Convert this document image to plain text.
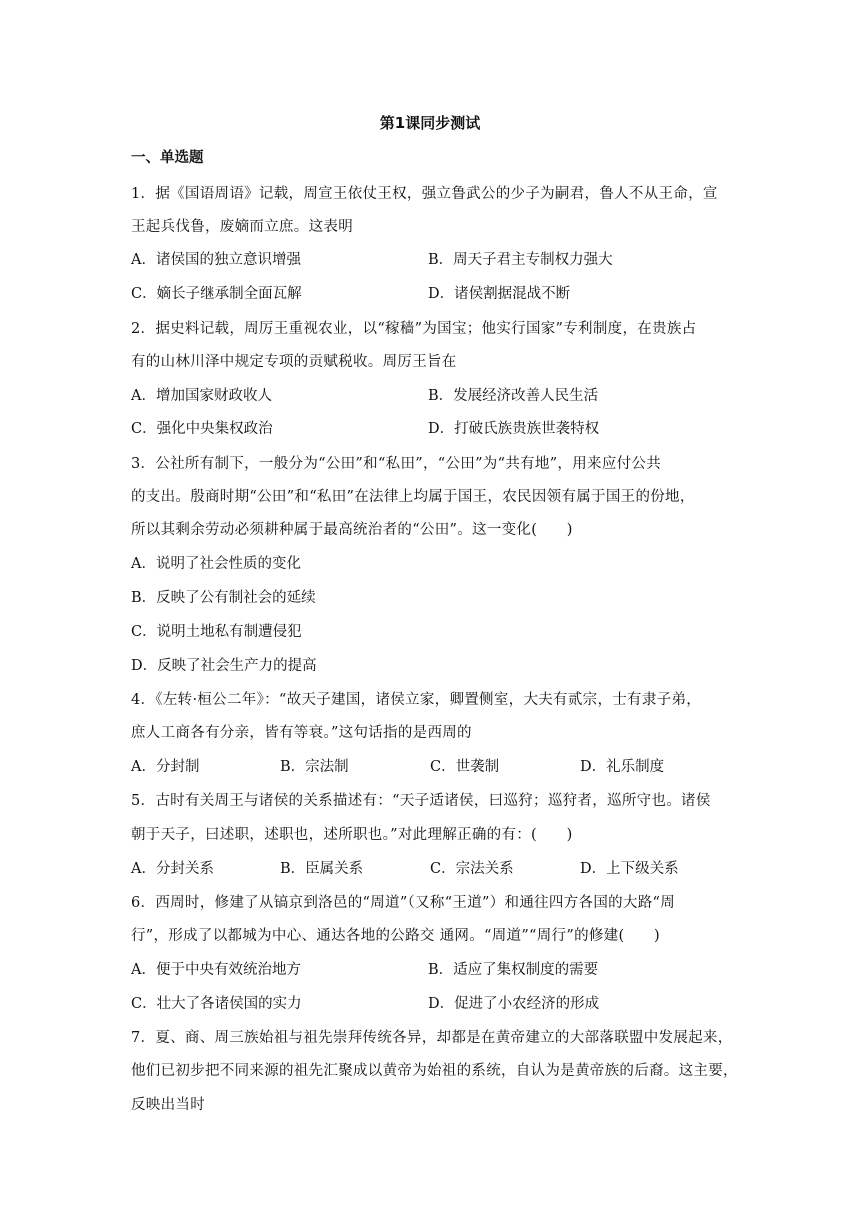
第1课同步测试
一、单选题
1．据《国语周语》记载，周宣王依仗王权，强立鲁武公的少子为嗣君，鲁人不从王命，宣
王起兵伐鲁，废嫡而立庶。这表明
A．诸侯国的独立意识增强	B．周天子君主专制权力强大
C．嫡长子继承制全面瓦解	D．诸侯割据混战不断
2．据史料记载，周厉王重视农业，以“稼穑”为国宝；他实行国家”专利制度，在贵族占
有的山林川泽中规定专项的贡赋税收。周厉王旨在
A．增加国家财政收人	B．发展经济改善人民生活
C．强化中央集权政治	D．打破氏族贵族世袭特权
3．公社所有制下，一般分为“公田”和“私田”，“公田”为“共有地”，用来应付公共
的支出。殷商时期“公田”和“私田”在法律上均属于国王，农民因领有属于国王的份地，
所以其剩余劳动必须耕种属于最高统治者的“公田”。这一变化(　　)
A．说明了社会性质的变化
B．反映了公有制社会的延续
C．说明土地私有制遭侵犯
D．反映了社会生产力的提高
4．《左转·桓公二年》：“故天子建国，诸侯立家，卿置侧室，大夫有贰宗，士有隶子弟，
庶人工商各有分亲，皆有等衰。”这句话指的是西周的
A．分封制	B．宗法制	C．世袭制	D．礼乐制度
5．古时有关周王与诸侯的关系描述有：“天子适诸侯，曰巡狩；巡狩者，巡所守也。诸侯
朝于天子，曰述职，述职也，述所职也。”对此理解正确的有：(　　)
A．分封关系	B．臣属关系	C．宗法关系	D．上下级关系
6．西周时，修建了从镐京到洛邑的“周道”（又称“王道”）和通往四方各国的大路“周
行”，形成了以都城为中心、通达各地的公路交 通网。“周道”“周行”的修建(　　)
A．便于中央有效统治地方	B．适应了集权制度的需要
C．壮大了各诸侯国的实力	D．促进了小农经济的形成
7．夏、商、周三族始祖与祖先崇拜传统各异，却都是在黄帝建立的大部落联盟中发展起来，
他们已初步把不同来源的祖先汇聚成以黄帝为始祖的系统，自认为是黄帝族的后裔。这主要，
反映出当时
